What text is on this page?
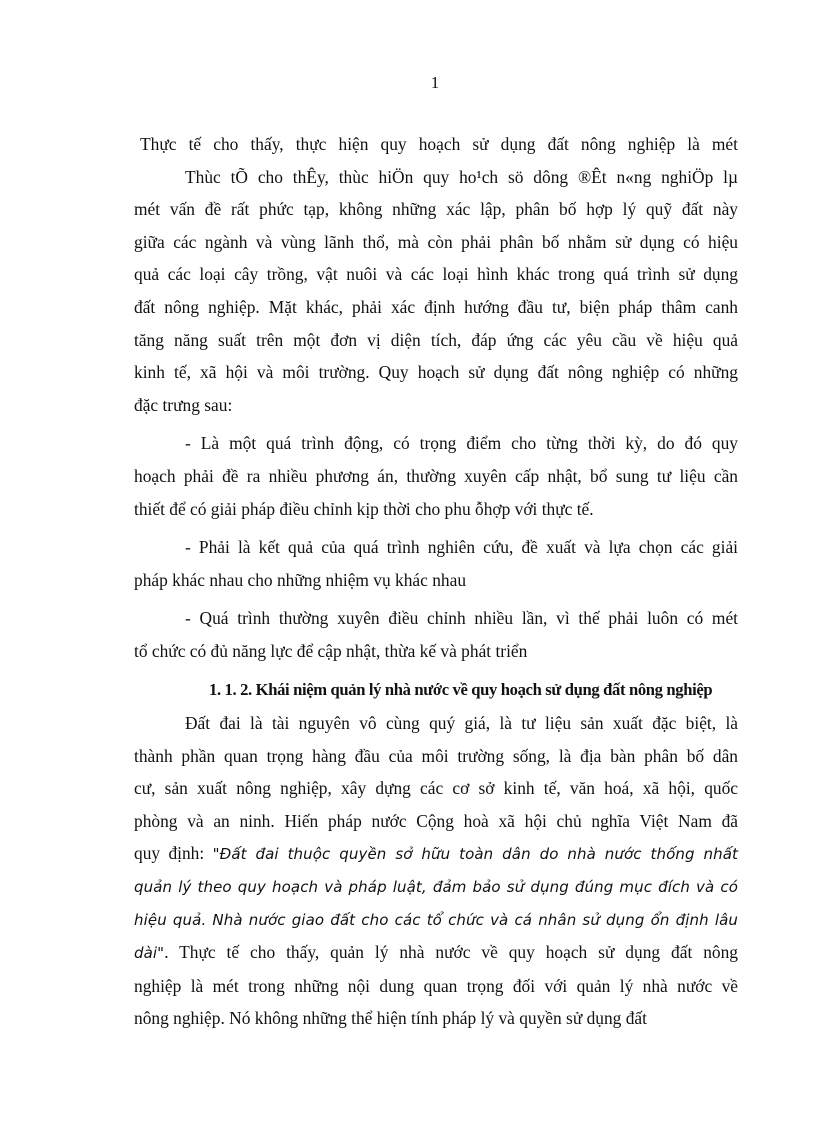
1
Thực tế cho thấy, thực hiện quy hoạch sử dụng đất nông nghiệp là mét
Thùc tÕ cho thÊy, thùc hiÖn quy ho¹ch sö dông ®Êt n«ng nghiÖp lµ
mét vấn đề rất phức tạp, không những xác lập, phân bố hợp lý quỹ đất này
giữa các ngành và vùng lãnh thổ, mà còn phải phân bố nhằm sử dụng có hiệu
quả các loại cây trồng, vật nuôi và các loại hình khác trong quá trình sử dụng
đất nông nghiệp. Mặt khác, phải xác định hướng đầu tư, biện pháp thâm canh
tăng năng suất trên một đơn vị diện tích, đáp ứng các yêu cầu về hiệu quả
kinh tế, xã hội và môi trường. Quy hoạch sử dụng đất nông nghiệp có những
đặc trưng sau:
- Là một quá trình động, có trọng điểm cho từng thời kỳ, do đó quy
hoạch phải đề ra nhiều phương án, thường xuyên cấp nhật, bổ sung tư liệu cần
thiết để có giải pháp điều chỉnh kịp thời cho phu ỗhợp với thực tế.
- Phải là kết quả của quá trình nghiên cứu, đề xuất và lựa chọn các giải
pháp khác nhau cho những nhiệm vụ khác nhau
- Quá trình thường xuyên điều chỉnh nhiều lần, vì thế phải luôn có mét
tổ chức có đủ năng lực để cập nhật, thừa kế và phát triển
1. 1. 2. Khái niệm quản lý nhà nước về quy hoạch sử dụng đất nông nghiệp
Đất đai là tài nguyên vô cùng quý giá, là tư liệu sản xuất đặc biệt, là
thành phần quan trọng hàng đầu của môi trường sống, là địa bàn phân bố dân
cư, sản xuất nông nghiệp, xây dựng các cơ sở kinh tế, văn hoá, xã hội, quốc
phòng và an ninh. Hiến pháp nước Cộng hoà xã hội chủ nghĩa Việt Nam đã
quy định: "Đất đai thuộc quyền sở hữu toàn dân do nhà nước thống nhất
quản lý theo quy hoạch và pháp luật, đảm bảo sử dụng đúng mục đích và có
hiệu quả. Nhà nước giao đất cho các tổ chức và cá nhân sử dụng ổn định lâu
dài". Thực tế cho thấy, quản lý nhà nước về quy hoạch sử dụng đất nông
nghiệp là mét trong những nội dung quan trọng đối với quản lý nhà nước về
nông nghiệp. Nó không những thể hiện tính pháp lý và quyền sử dụng đất
